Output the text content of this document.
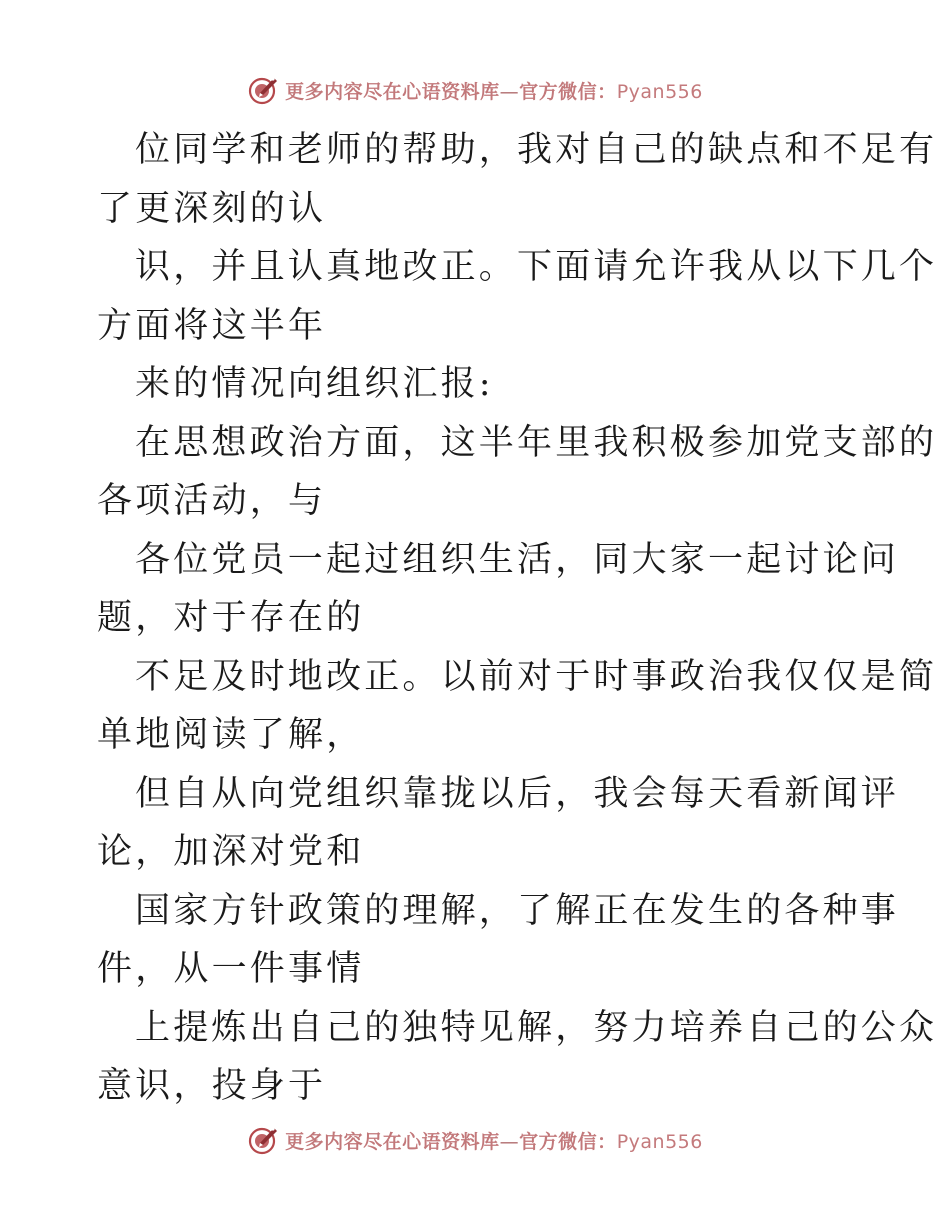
更多内容尽在心语资料库—官方微信：Pyan556
位同学和老师的帮助，我对自己的缺点和不足有
了更深刻的认
识，并且认真地改正。下面请允许我从以下几个
方面将这半年
来的情况向组织汇报:
在思想政治方面，这半年里我积极参加党支部的
各项活动，与
各位党员一起过组织生活，同大家一起讨论问
题，对于存在的
不足及时地改正。以前对于时事政治我仅仅是简
单地阅读了解，
但自从向党组织靠拢以后，我会每天看新闻评
论，加深对党和
国家方针政策的理解，了解正在发生的各种事
件，从一件事情
上提炼出自己的独特见解，努力培养自己的公众
意识，投身于
更多内容尽在心语资料库—官方微信：Pyan556
